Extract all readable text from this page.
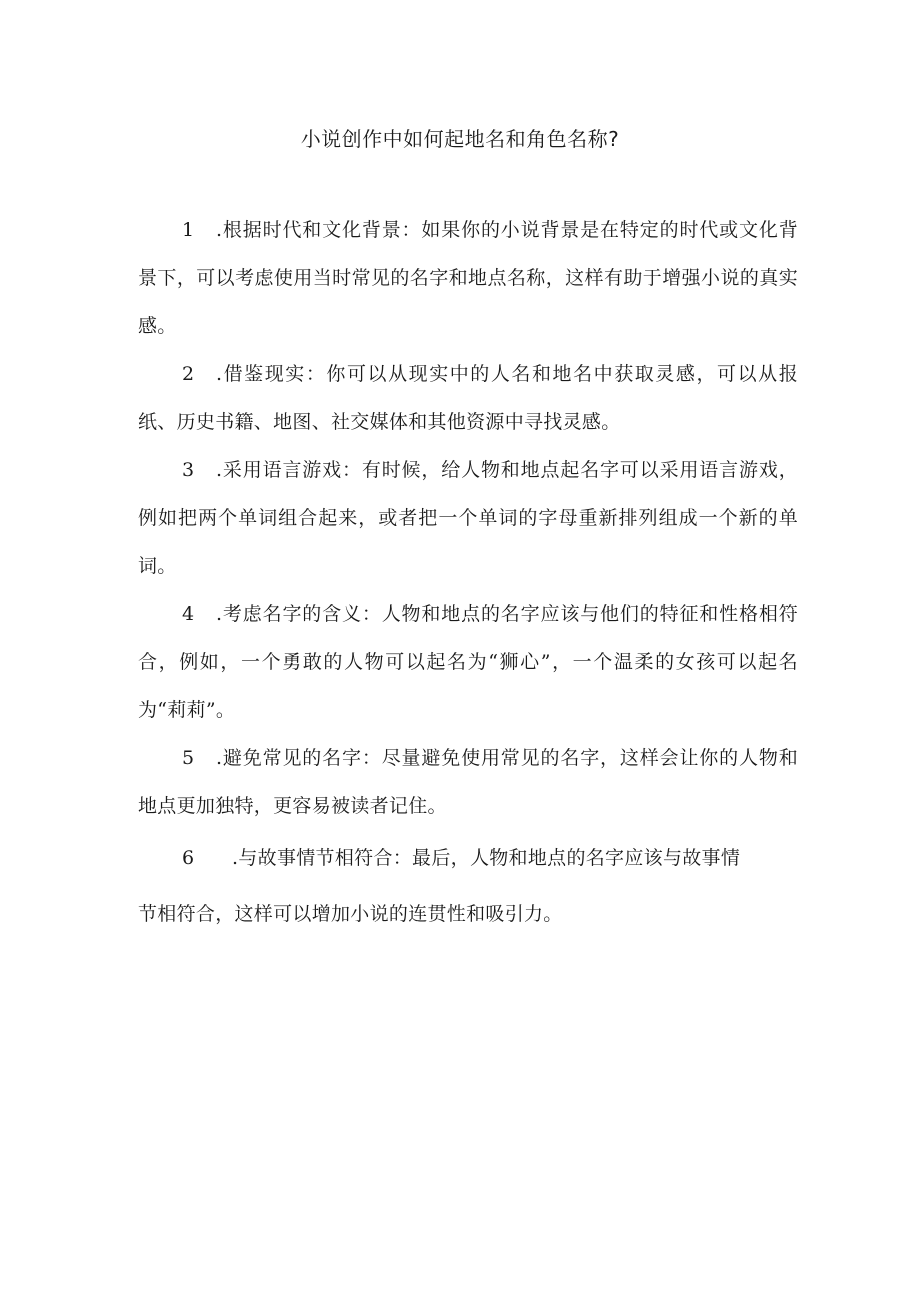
小说创作中如何起地名和角色名称?

1 .根据时代和文化背景：如果你的小说背景是在特定的时代或文化背景下，可以考虑使用当时常见的名字和地点名称，这样有助于增强小说的真实感。

2 .借鉴现实：你可以从现实中的人名和地名中获取灵感，可以从报纸、历史书籍、地图、社交媒体和其他资源中寻找灵感。

3 .采用语言游戏：有时候，给人物和地点起名字可以采用语言游戏，例如把两个单词组合起来，或者把一个单词的字母重新排列组成一个新的单词。

4 .考虑名字的含义：人物和地点的名字应该与他们的特征和性格相符合，例如，一个勇敢的人物可以起名为“狮心”，一个温柔的女孩可以起名为“莉莉”。

5 .避免常见的名字：尽量避免使用常见的名字，这样会让你的人物和地点更加独特，更容易被读者记住。

6 .与故事情节相符合：最后，人物和地点的名字应该与故事情
节相符合，这样可以增加小说的连贯性和吸引力。
